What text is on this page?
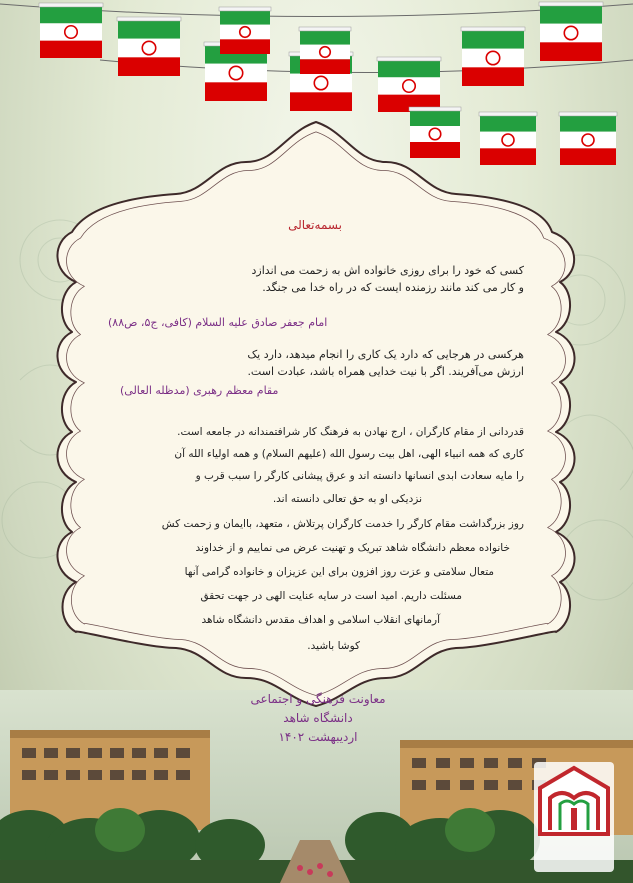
بسمه‌تعالی
کسی که خود را برای روزی خانواده اش به زحمت می اندازد
و کار می کند مانند رزمنده ایست که در راه خدا می جنگد.
امام جعفر صادق علیه السلام (کافی، ج۵، ص۸۸)
هرکسی در هرجایی که دارد یک کاری را انجام میدهد، دارد یک
ارزش می‌آفریند. اگر با نیت خدایی همراه باشد، عبادت است.
مقام معظم رهبری (مدظله العالی)
قدردانی از مقام کارگران ، ارج نهادن به فرهنگ کار شرافتمندانه در جامعه است.
کاری که همه انبیاء الهی، اهل بیت رسول الله (علیهم السلام) و همه اولیاء الله آن
را مایه سعادت ابدی انسانها دانسته اند و عرق پیشانی کارگر را سبب قرب و
نزدیکی او به حق تعالی دانسته اند.
روز بزرگداشت مقام کارگر را خدمت کارگران پرتلاش ، متعهد، باایمان و زحمت کش
خانواده معظم دانشگاه شاهد تبریک و تهنیت عرض می نماییم و از خداوند
متعال سلامتی و عزت روز افزون برای این عزیزان و خانواده گرامی آنها
مسئلت داریم. امید است در سایه عنایت الهی در جهت تحقق
آرمانهای انقلاب اسلامی و اهداف مقدس دانشگاه شاهد
کوشا باشید.
معاونت فرهنگی و اجتماعی
دانشگاه شاهد
اردیبهشت ۱۴۰۲
